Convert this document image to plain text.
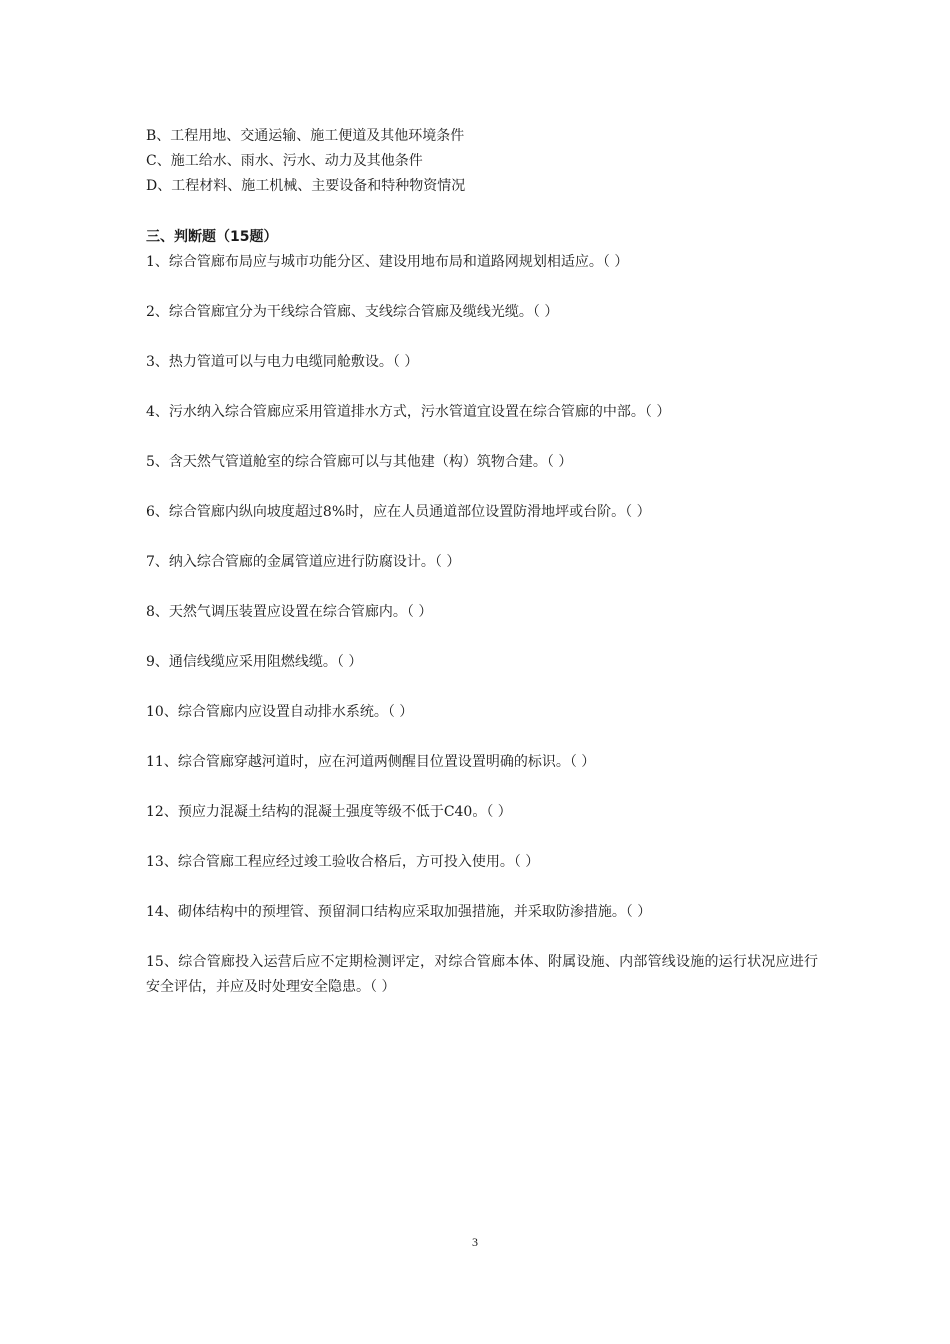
B、工程用地、交通运输、施工便道及其他环境条件
C、施工给水、雨水、污水、动力及其他条件
D、工程材料、施工机械、主要设备和特种物资情况
三、判断题（15题）
1、综合管廊布局应与城市功能分区、建设用地布局和道路网规划相适应。（ ）
2、综合管廊宜分为干线综合管廊、支线综合管廊及缆线光缆。（ ）
3、热力管道可以与电力电缆同舱敷设。（ ）
4、污水纳入综合管廊应采用管道排水方式，污水管道宜设置在综合管廊的中部。（ ）
5、含天然气管道舱室的综合管廊可以与其他建（构）筑物合建。（ ）
6、综合管廊内纵向坡度超过8%时，应在人员通道部位设置防滑地坪或台阶。（ ）
7、纳入综合管廊的金属管道应进行防腐设计。（ ）
8、天然气调压装置应设置在综合管廊内。（ ）
9、通信线缆应采用阻燃线缆。（ ）
10、综合管廊内应设置自动排水系统。（ ）
11、综合管廊穿越河道时，应在河道两侧醒目位置设置明确的标识。（ ）
12、预应力混凝土结构的混凝土强度等级不低于C40。（ ）
13、综合管廊工程应经过竣工验收合格后，方可投入使用。（ ）
14、砌体结构中的预埋管、预留洞口结构应采取加强措施，并采取防渗措施。（ ）
15、综合管廊投入运营后应不定期检测评定，对综合管廊本体、附属设施、内部管线设施的运行状况应进行安全评估，并应及时处理安全隐患。（ ）
3
